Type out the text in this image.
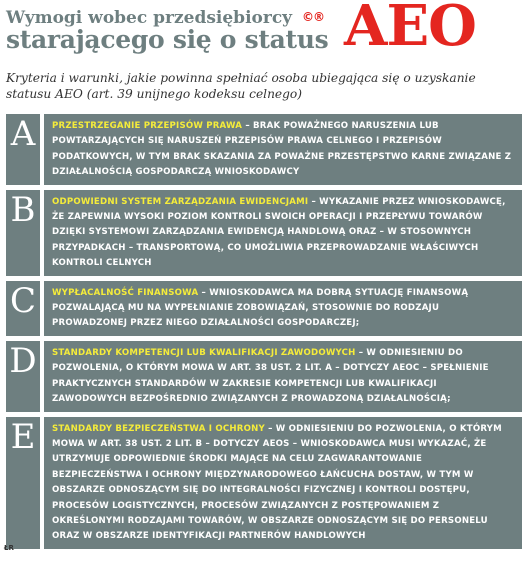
Wymogi wobec przedsiębiorcy
starającego się o status
©® AEO
Kryteria i warunki, jakie powinna spełniać osoba ubiegająca się o uzyskanie statusu AEO (art. 39 unijnego kodeksu celnego)
A	PRZESTRZEGANIE PRZEPISÓW PRAWA – BRAK POWAŻNEGO NARUSZENIA LUB POWTARZAJĄCYCH SIĘ NARUSZEŃ PRZEPISÓW PRAWA CELNEGO I PRZEPISÓW PODATKOWYCH, W TYM BRAK SKAZANIA ZA POWAŻNE PRZESTĘPSTWO KARNE ZWIĄZANE Z DZIAŁALNOŚCIĄ GOSPODARCZĄ WNIOSKODAWCY
B	ODPOWIEDNI SYSTEM ZARZĄDZANIA EWIDENCJAMI – WYKAZANIE PRZEZ WNIOSKODAWCĘ, ŻE ZAPEWNIA WYSOKI POZIOM KONTROLI SWOICH OPERACJI I PRZEPŁYWU TOWARÓW DZIĘKI SYSTEMOWI ZARZĄDZANIA EWIDENCJĄ HANDLOWĄ ORAZ – W STOSOWNYCH PRZYPADKACH – TRANSPORTOWĄ, CO UMOŻLIWIA PRZEPROWADZANIE WŁAŚCIWYCH KONTROLI CELNYCH
C	WYPŁACALNOŚĆ FINANSOWA – WNIOSKODAWCA MA DOBRĄ SYTUACJĘ FINANSOWĄ POZWALAJĄCĄ MU NA WYPEŁNIANIE ZOBOWIĄZAŃ, STOSOWNIE DO RODZAJU PROWADZONEJ PRZEZ NIEGO DZIAŁALNOŚCI GOSPODARCZEJ;
D	STANDARDY KOMPETENCJI LUB KWALIFIKACJI ZAWODOWYCH – W ODNIESIENIU DO POZWOLENIA, O KTÓRYM MOWA W ART. 38 UST. 2 LIT. A – DOTYCZY AEOC – SPEŁNIENIE PRAKTYCZNYCH STANDARDÓW W ZAKRESIE KOMPETENCJI LUB KWALIFIKACJI ZAWODOWYCH BEZPOŚREDNIO ZWIĄZANYCH Z PROWADZONĄ DZIAŁALNOŚCIĄ;
E	STANDARDY BEZPIECZEŃSTWA I OCHRONY – W ODNIESIENIU DO POZWOLENIA, O KTÓRYM MOWA W ART. 38 UST. 2 LIT. B – DOTYCZY AEOS – WNIOSKODAWCA MUSI WYKAZAĆ, ŻE UTRZYMUJE ODPOWIEDNIE ŚRODKI MAJĄCE NA CELU ZAGWARANTOWANIE BEZPIECZEŃSTWA I OCHRONY MIĘDZYNARODOWEGO ŁAŃCUCHA DOSTAW, W TYM W OBSZARZE ODNOSZĄCYM SIĘ DO INTEGRALNOŚCI FIZYCZNEJ I KONTROLI DOSTĘPU, PROCESÓW LOGISTYCZNYCH, PROCESÓW ZWIĄZANYCH Z POSTĘPOWANIEM Z OKREŚLONYMI RODZAJAMI TOWARÓW, W OBSZARZE ODNOSZĄCYM SIĘ DO PERSONELU ORAZ W OBSZARZE IDENTYFIKACJI PARTNERÓW HANDLOWYCH
ŁR
